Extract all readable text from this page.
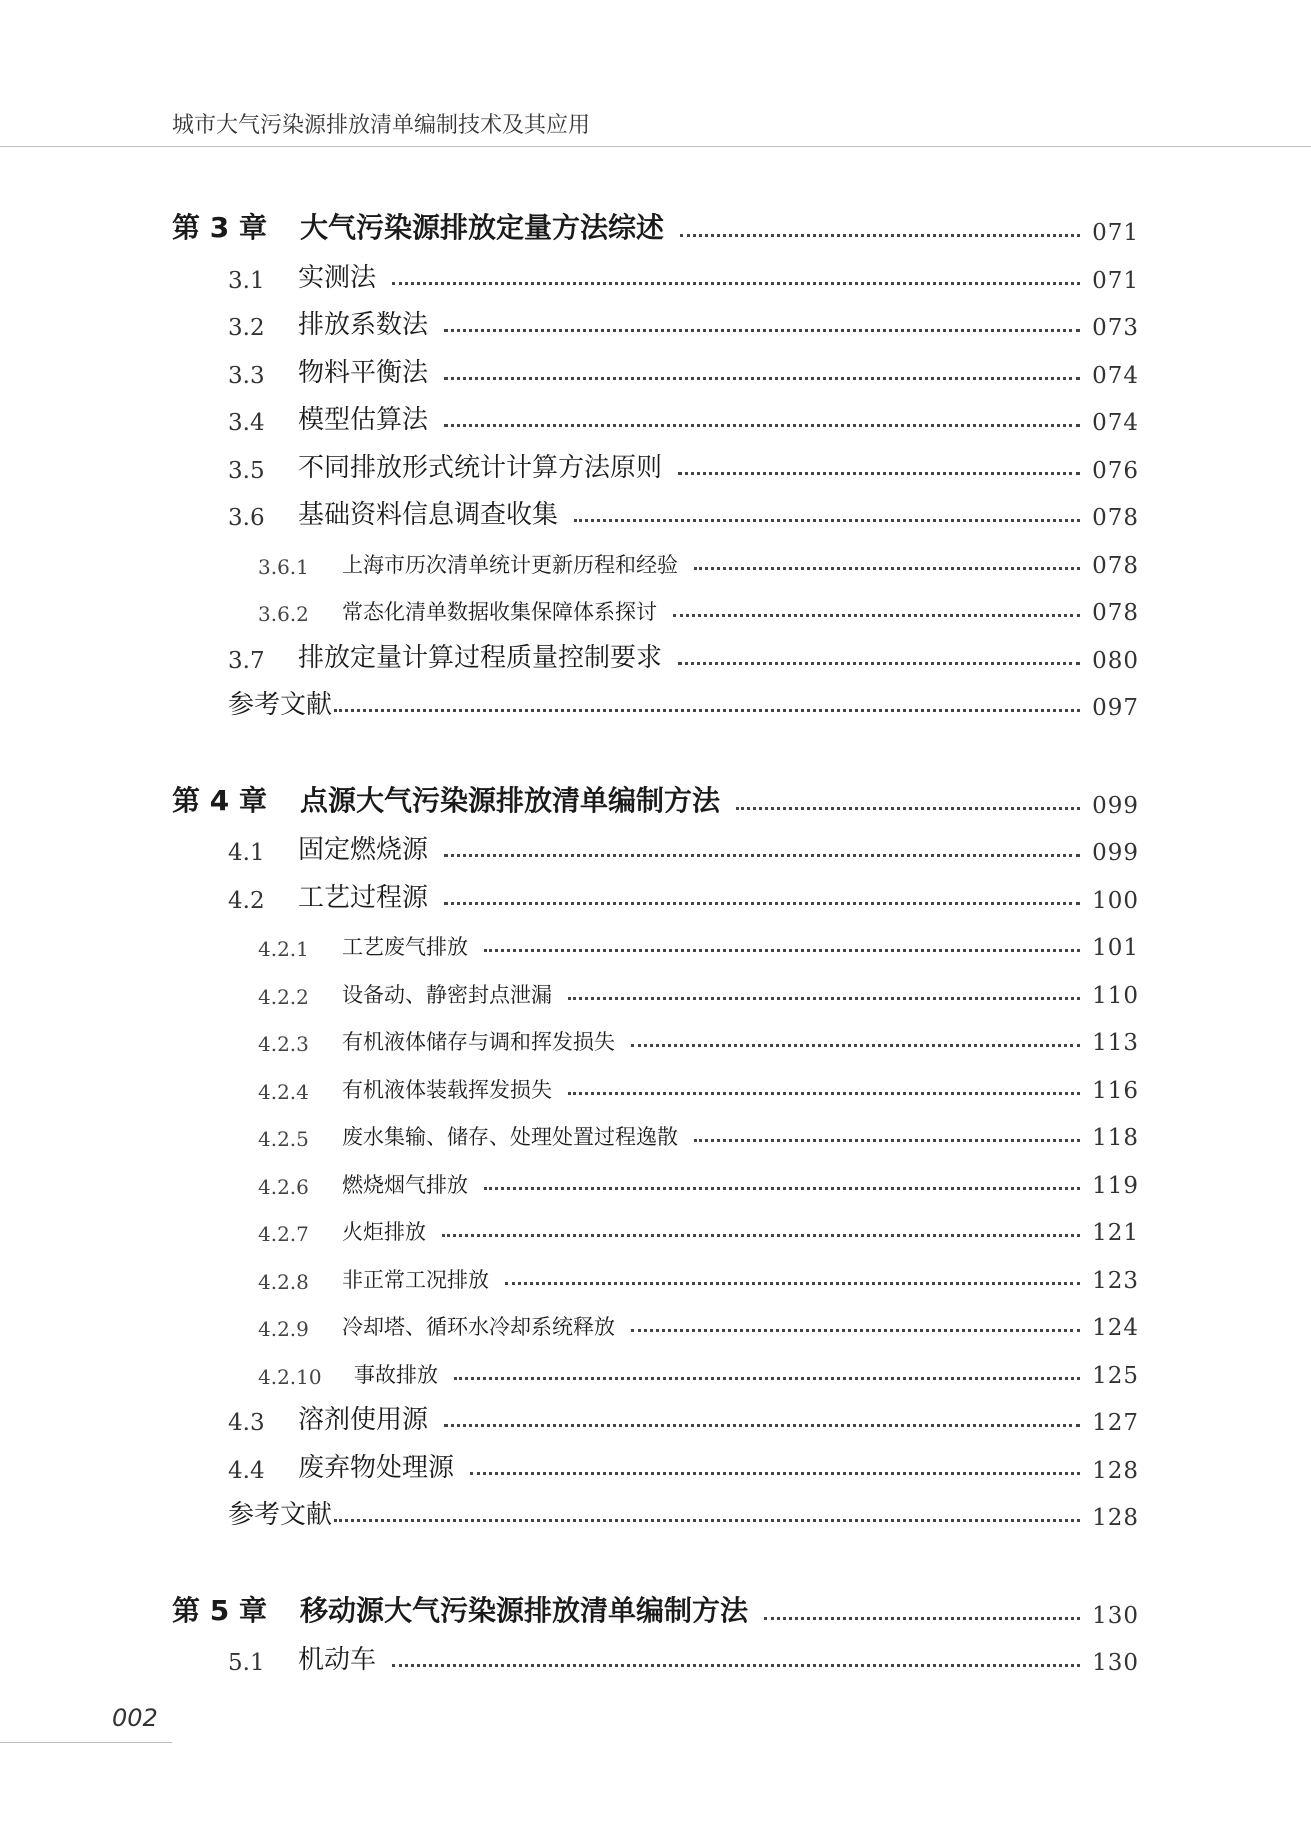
城市大气污染源排放清单编制技术及其应用
第 3 章	大气污染源排放定量方法综述	071
3.1	实测法	071
3.2	排放系数法	073
3.3	物料平衡法	074
3.4	模型估算法	074
3.5	不同排放形式统计计算方法原则	076
3.6	基础资料信息调查收集	078
3.6.1	上海市历次清单统计更新历程和经验	078
3.6.2	常态化清单数据收集保障体系探讨	078
3.7	排放定量计算过程质量控制要求	080
参考文献	097
第 4 章	点源大气污染源排放清单编制方法	099
4.1	固定燃烧源	099
4.2	工艺过程源	100
4.2.1	工艺废气排放	101
4.2.2	设备动、静密封点泄漏	110
4.2.3	有机液体储存与调和挥发损失	113
4.2.4	有机液体装载挥发损失	116
4.2.5	废水集输、储存、处理处置过程逸散	118
4.2.6	燃烧烟气排放	119
4.2.7	火炬排放	121
4.2.8	非正常工况排放	123
4.2.9	冷却塔、循环水冷却系统释放	124
4.2.10	事故排放	125
4.3	溶剂使用源	127
4.4	废弃物处理源	128
参考文献	128
第 5 章	移动源大气污染源排放清单编制方法	130
5.1	机动车	130
002
